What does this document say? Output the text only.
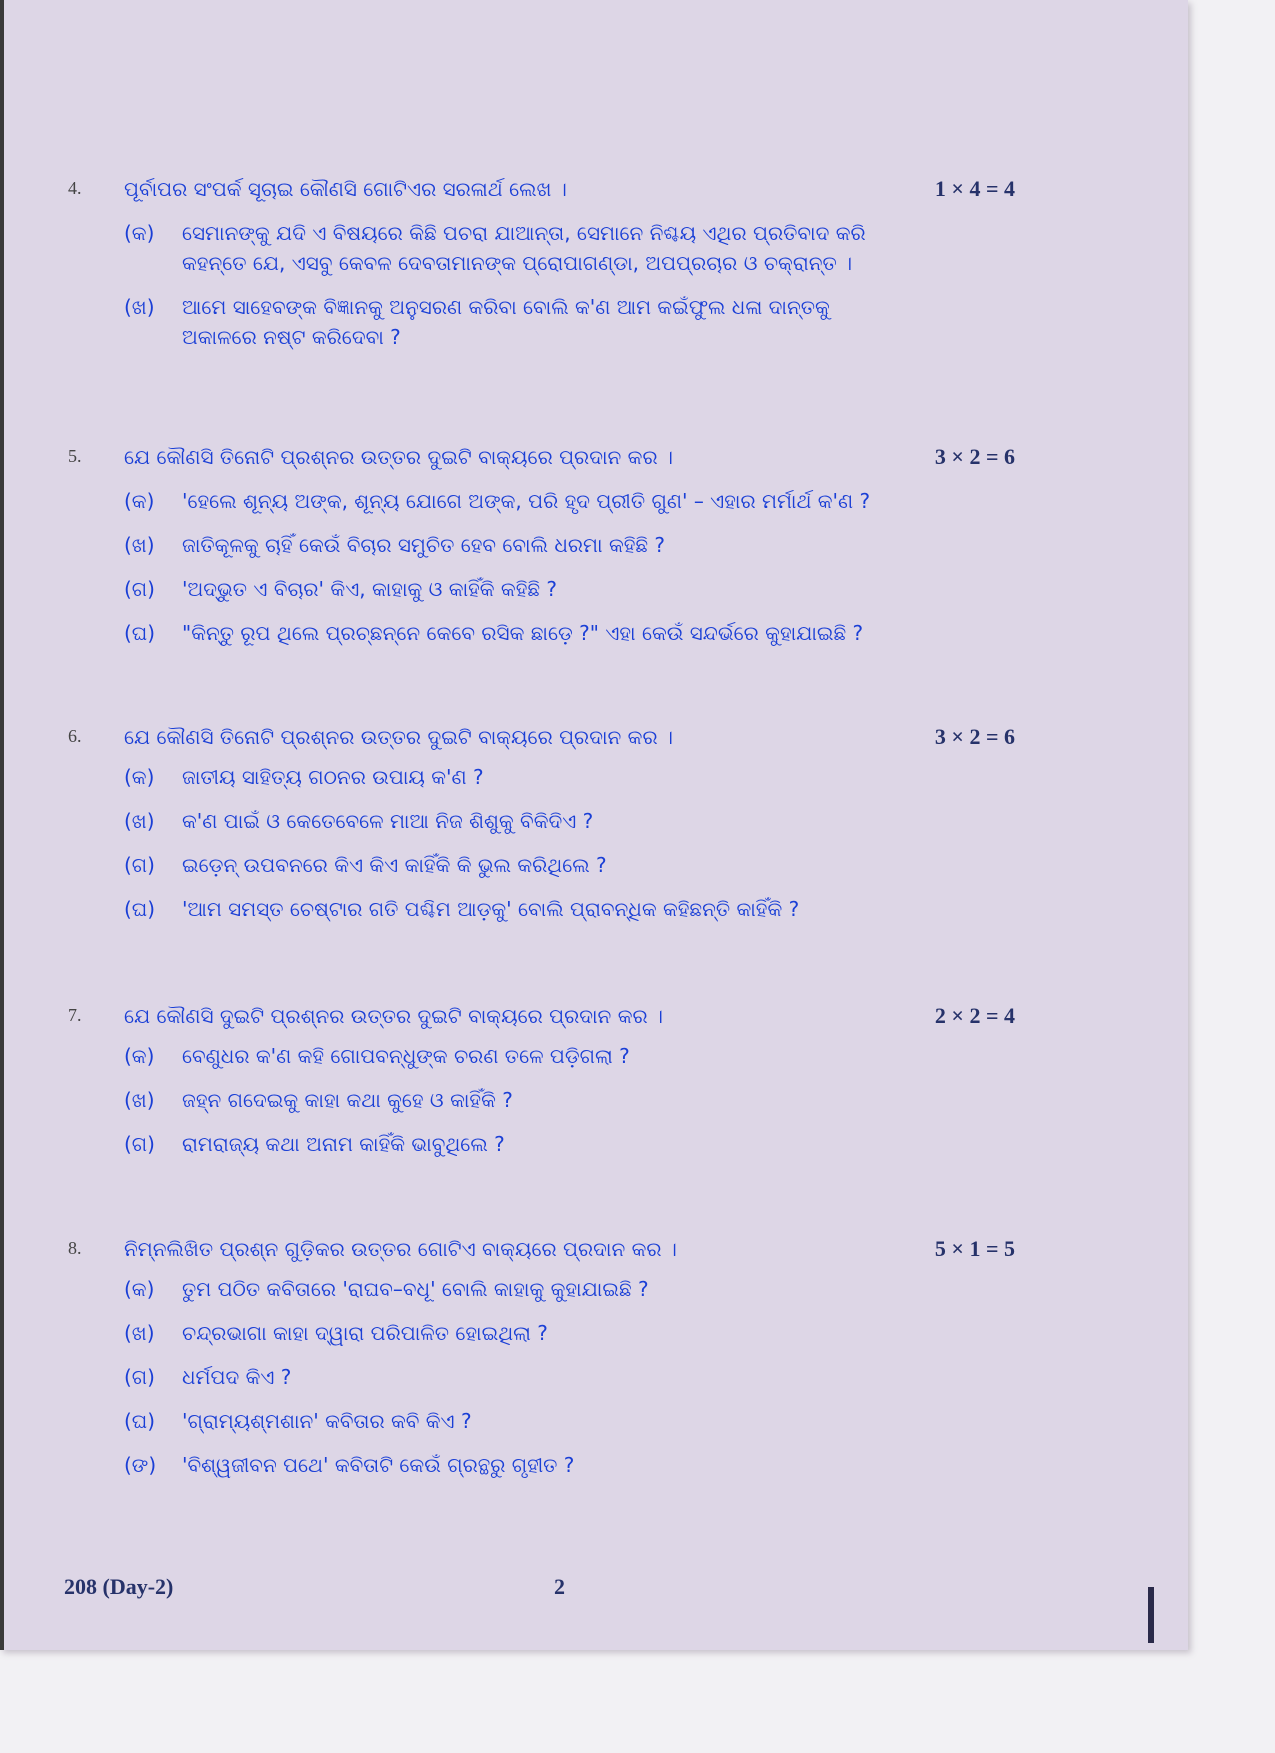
4. ପୂର୍ବାପର ସଂପର୍କ ସୂଚାଇ କୌଣସି ଗୋଟିଏର ସରଳାର୍ଥ ଲେଖ ।	1 × 4 = 4
(କ) ସେମାନଙ୍କୁ ଯଦି ଏ ବିଷୟରେ କିଛି ପଚରା ଯାଆନ୍ତା, ସେମାନେ ନିଶ୍ଚୟ ଏଥିର ପ୍ରତିବାଦ କରି
କହନ୍ତେ ଯେ, ଏସବୁ କେବଳ ଦେବତାମାନଙ୍କ ପ୍ରୋପାଗଣ୍ଡା, ଅପପ୍ରଚାର ଓ ଚକ୍ରାନ୍ତ ।
(ଖ) ଆମେ ସାହେବଙ୍କ ବିଜ୍ଞାନକୁ ଅନୁସରଣ କରିବା ବୋଲି କ'ଣ ଆମ କଇଁଫୁଲ ଧଳା ଦାନ୍ତକୁ
ଅକାଳରେ ନଷ୍ଟ କରିଦେବା ?
5. ଯେ କୌଣସି ତିନୋଟି ପ୍ରଶ୍ନର ଉତ୍ତର ଦୁଇଟି ବାକ୍ୟରେ ପ୍ରଦାନ କର ।	3 × 2 = 6
(କ) 'ହେଲେ ଶୂନ୍ୟ ଅଙ୍କ, ଶୂନ୍ୟ ଯୋଗେ ଅଙ୍କ, ପରି ହୃଦ ପ୍ରୀତି ଗୁଣ' – ଏହାର ମର୍ମାର୍ଥ କ'ଣ ?
(ଖ) ଜାତିକୂଳକୁ ଚାହିଁ କେଉଁ ବିଚାର ସମୁଚିତ ହେବ ବୋଲି ଧରମା କହିଛି ?
(ଗ) 'ଅଦ୍‌ଭୁତ ଏ ବିଚାର' କିଏ, କାହାକୁ ଓ କାହିଁକି କହିଛି ?
(ଘ) "କିନ୍ତୁ ରୂପ ଥିଲେ ପ୍ରଚ୍ଛନ୍ନେ କେବେ ରସିକ ଛାଡ଼େ ?" ଏହା କେଉଁ ସନ୍ଦର୍ଭରେ କୁହାଯାଇଛି ?
6. ଯେ କୌଣସି ତିନୋଟି ପ୍ରଶ୍ନର ଉତ୍ତର ଦୁଇଟି ବାକ୍ୟରେ ପ୍ରଦାନ କର ।	3 × 2 = 6
(କ) ଜାତୀୟ ସାହିତ୍ୟ ଗଠନର ଉପାୟ କ'ଣ ?
(ଖ) କ'ଣ ପାଇଁ ଓ କେତେବେଳେ ମାଆ ନିଜ ଶିଶୁକୁ ବିକିଦିଏ ?
(ଗ) ଇଡ଼େନ୍ ଉପବନରେ କିଏ କିଏ କାହିଁକି କି ଭୁଲ କରିଥିଲେ ?
(ଘ) 'ଆମ ସମସ୍ତ ଚେଷ୍ଟାର ଗତି ପଶ୍ଚିମ ଆଡ଼କୁ' ବୋଲି ପ୍ରାବନ୍ଧିକ କହିଛନ୍ତି କାହିଁକି ?
7. ଯେ କୌଣସି ଦୁଇଟି ପ୍ରଶ୍ନର ଉତ୍ତର ଦୁଇଟି ବାକ୍ୟରେ ପ୍ରଦାନ କର ।	2 × 2 = 4
(କ) ବେଣୁଧର କ'ଣ କହି ଗୋପବନ୍ଧୁଙ୍କ ଚରଣ ତଳେ ପଡ଼ିଗଲା ?
(ଖ) ଜହ୍ନ ଗଦେଇକୁ କାହା କଥା କୁହେ ଓ କାହିଁକି ?
(ଗ) ରାମରାଜ୍ୟ କଥା ଅନାମ କାହିଁକି ଭାବୁଥିଲେ ?
8. ନିମ୍ନଲିଖିତ ପ୍ରଶ୍ନ ଗୁଡ଼ିକର ଉତ୍ତର ଗୋଟିଏ ବାକ୍ୟରେ ପ୍ରଦାନ କର ।	5 × 1 = 5
(କ) ତୁମ ପଠିତ କବିତାରେ 'ରାଘବ–ବଧୂ' ବୋଲି କାହାକୁ କୁହାଯାଇଛି ?
(ଖ) ଚନ୍ଦ୍ରଭାଗା କାହା ଦ୍ୱାରା ପରିପାଳିତ ହୋଇଥିଲା ?
(ଗ) ଧର୍ମପଦ କିଏ ?
(ଘ) 'ଗ୍ରାମ୍ୟଶ୍ମଶାନ' କବିତାର କବି କିଏ ?
(ଙ) 'ବିଶ୍ୱଜୀବନ ପଥେ' କବିତାଟି କେଉଁ ଗ୍ରନ୍ଥରୁ ଗୃହୀତ ?
208 (Day-2)	2
